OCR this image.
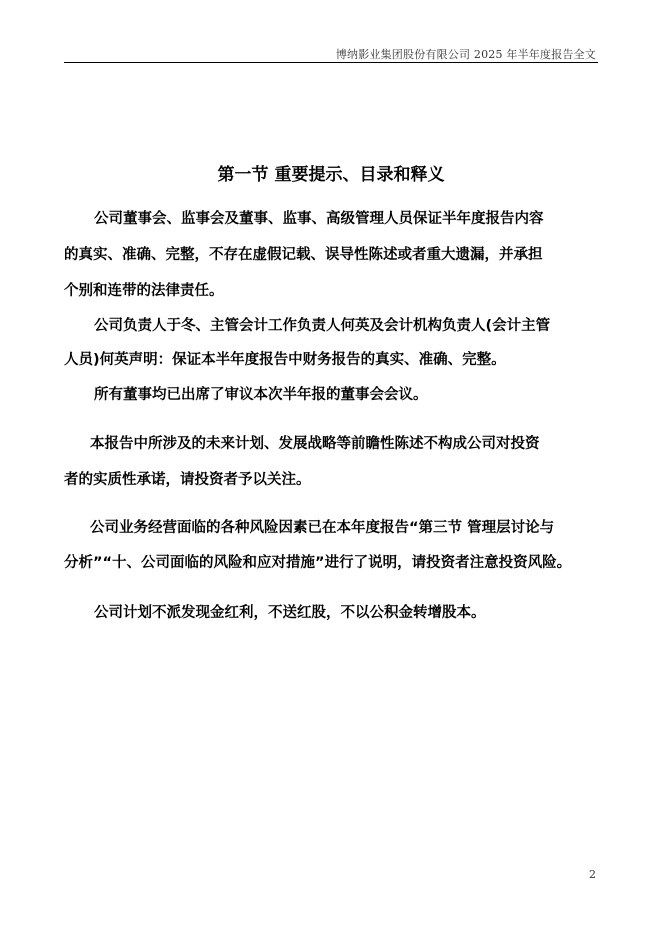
博纳影业集团股份有限公司 2025 年半年度报告全文
第一节 重要提示、目录和释义
公司董事会、监事会及董事、监事、高级管理人员保证半年度报告内容
的真实、准确、完整，不存在虚假记载、误导性陈述或者重大遗漏，并承担
个别和连带的法律责任。
公司负责人于冬、主管会计工作负责人何英及会计机构负责人(会计主管
人员)何英声明：保证本半年度报告中财务报告的真实、准确、完整。
所有董事均已出席了审议本次半年报的董事会会议。
本报告中所涉及的未来计划、发展战略等前瞻性陈述不构成公司对投资
者的实质性承诺，请投资者予以关注。
公司业务经营面临的各种风险因素已在本年度报告“第三节 管理层讨论与
分析”“十、公司面临的风险和应对措施”进行了说明，请投资者注意投资风险。
公司计划不派发现金红利，不送红股，不以公积金转增股本。
2
